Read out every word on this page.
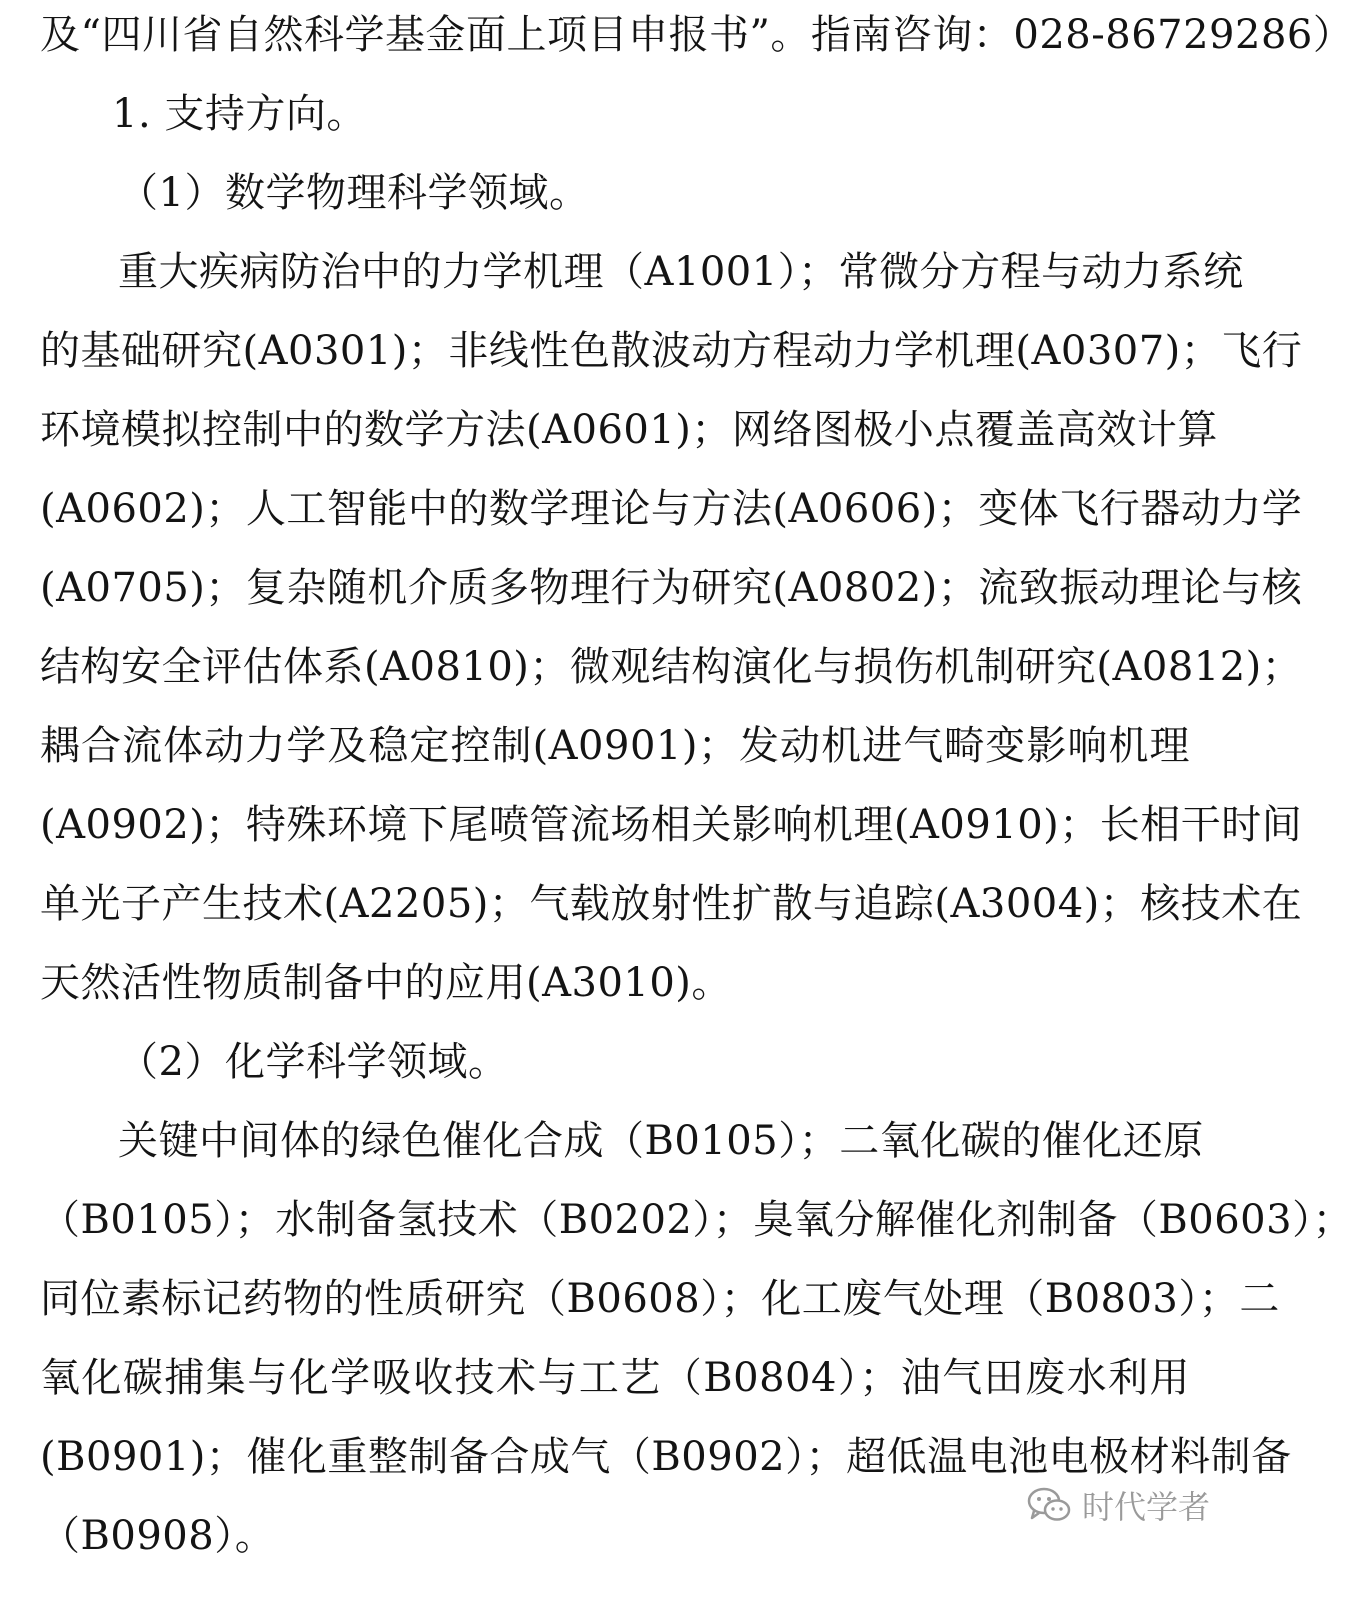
及“四川省自然科学基金面上项目申报书”。指南咨询：028-86729286）
1. 支持方向。
（1）数学物理科学领域。
重大疾病防治中的力学机理（A1001）；常微分方程与动力系统
的基础研究(A0301)；非线性色散波动方程动力学机理(A0307)；飞行
环境模拟控制中的数学方法(A0601)；网络图极小点覆盖高效计算
(A0602)；人工智能中的数学理论与方法(A0606)；变体飞行器动力学
(A0705)；复杂随机介质多物理行为研究(A0802)；流致振动理论与核
结构安全评估体系(A0810)；微观结构演化与损伤机制研究(A0812)；
耦合流体动力学及稳定控制(A0901)；发动机进气畸变影响机理
(A0902)；特殊环境下尾喷管流场相关影响机理(A0910)；长相干时间
单光子产生技术(A2205)；气载放射性扩散与追踪(A3004)；核技术在
天然活性物质制备中的应用(A3010)。
（2）化学科学领域。
关键中间体的绿色催化合成（B0105）；二氧化碳的催化还原
（B0105）；水制备氢技术（B0202）；臭氧分解催化剂制备（B0603）；
同位素标记药物的性质研究（B0608）；化工废气处理（B0803）；二
氧化碳捕集与化学吸收技术与工艺（B0804）；油气田废水利用
(B0901)；催化重整制备合成气（B0902）；超低温电池电极材料制备
（B0908）。
时代学者
